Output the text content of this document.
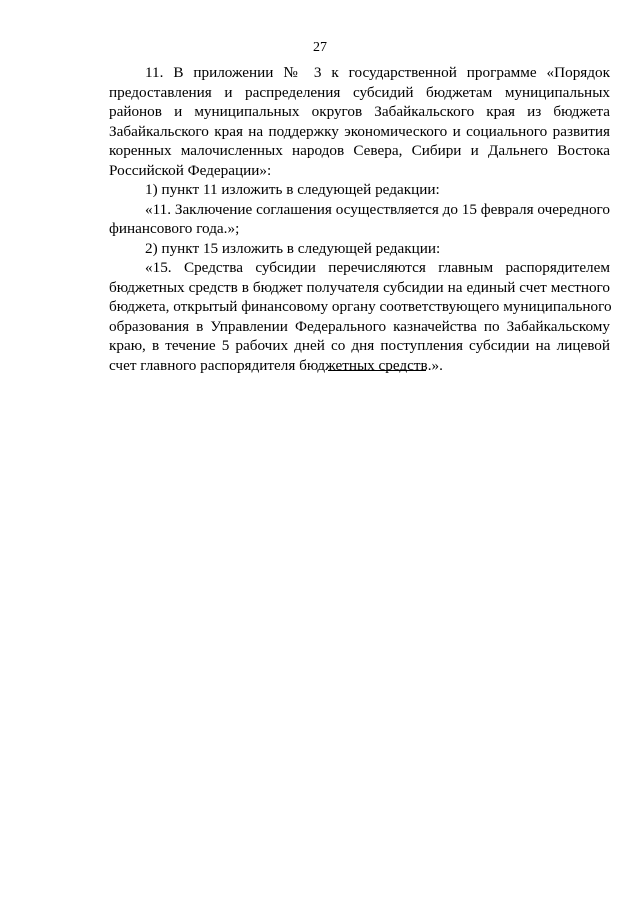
27
11. В приложении № 3 к государственной программе «Порядок
предоставления и распределения субсидий бюджетам муниципальных
районов и муниципальных округов Забайкальского края из бюджета
Забайкальского края на поддержку экономического и социального развития
коренных малочисленных народов Севера, Сибири и Дальнего Востока
Российской Федерации»:

1) пункт 11 изложить в следующей редакции:

«11. Заключение соглашения осуществляется до 15 февраля очередного
финансового года.»;

2) пункт 15 изложить в следующей редакции:

«15. Средства субсидии перечисляются главным распорядителем
бюджетных средств в бюджет получателя субсидии на единый счет местного
бюджета, открытый финансовому органу соответствующего муниципального
образования в Управлении Федерального казначейства по Забайкальскому
краю, в течение 5 рабочих дней со дня поступления субсидии на лицевой
счет главного распорядителя бюджетных средств.».
